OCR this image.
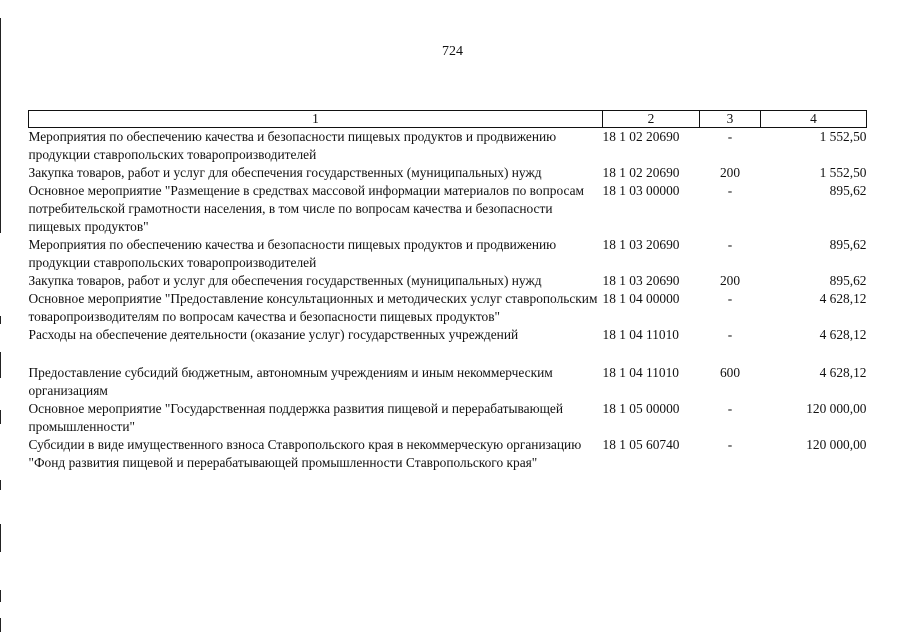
724
1	2	3	4
Мероприятия по обеспечению качества и безопасности пищевых продуктов и продвижению продукции ставропольских товаропроизводителей	18 1 02 20690	-	1 552,50
Закупка товаров, работ и услуг для обеспечения государственных (муниципальных) нужд	18 1 02 20690	200	1 552,50
Основное мероприятие "Размещение в средствах массовой информации материалов по вопросам потребительской грамотности населения, в том числе по вопросам качества и безопасности пищевых продуктов"	18 1 03 00000	-	895,62
Мероприятия по обеспечению качества и безопасности пищевых продуктов и продвижению продукции ставропольских товаропроизводителей	18 1 03 20690	-	895,62
Закупка товаров, работ и услуг для обеспечения государственных (муниципальных) нужд	18 1 03 20690	200	895,62
Основное мероприятие "Предоставление консультационных и методических услуг ставропольским товаропроизводителям по вопросам качества и безопасности пищевых продуктов"	18 1 04 00000	-	4 628,12
Расходы на обеспечение деятельности (оказание услуг) государственных учреждений	18 1 04 11010	-	4 628,12
Предоставление субсидий бюджетным, автономным учреждениям и иным некоммерческим организациям	18 1 04 11010	600	4 628,12
Основное мероприятие "Государственная поддержка развития пищевой и перерабатывающей промышленности"	18 1 05 00000	-	120 000,00
Субсидии в виде имущественного взноса Ставропольского края в некоммерческую организацию "Фонд развития пищевой и перерабатывающей промышленности Ставропольского края"	18 1 05 60740	-	120 000,00
